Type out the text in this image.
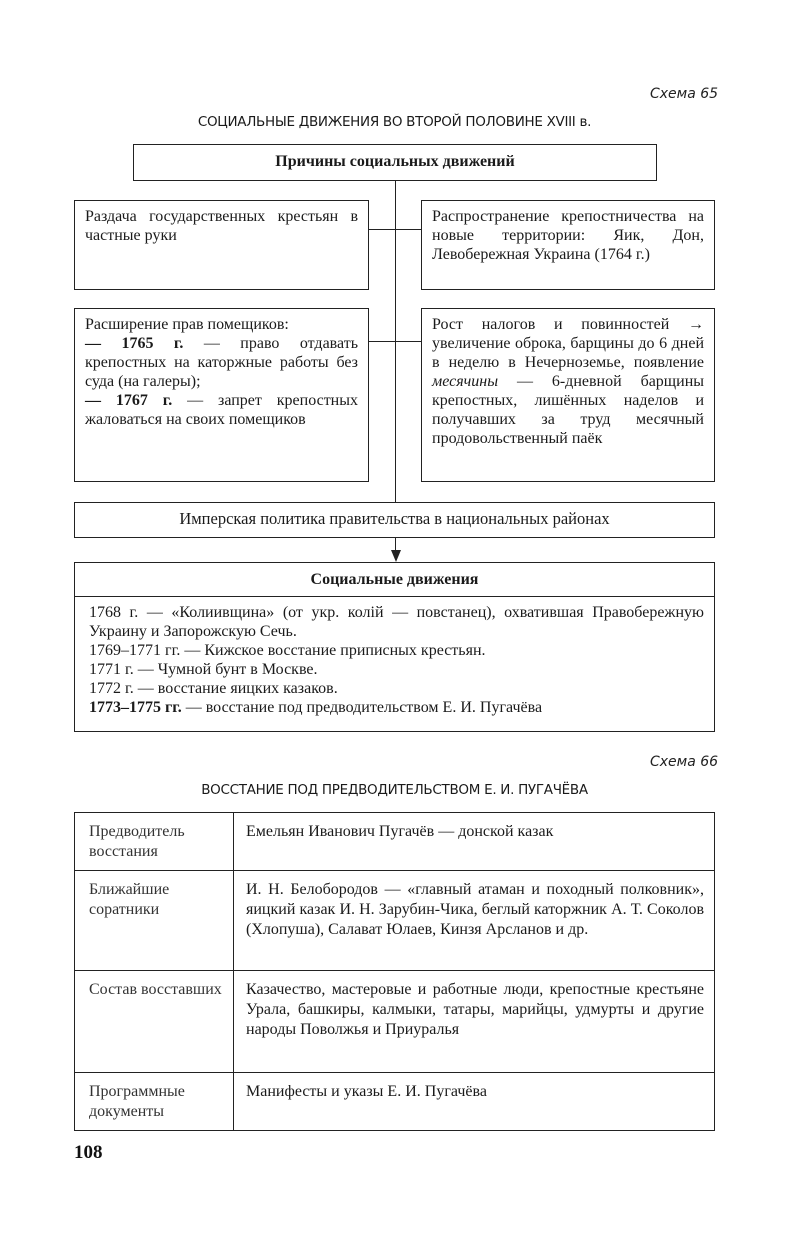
Схема 65
СОЦИАЛЬНЫЕ ДВИЖЕНИЯ ВО ВТОРОЙ ПОЛОВИНЕ XVIII в.
Причины социальных движений
Раздача государственных крестьян в частные руки
Распространение крепостничества на новые территории: Яик, Дон, Левобережная Украина (1764 г.)
Расширение прав помещиков:
— 1765 г. — право отдавать крепостных на каторжные работы без суда (на галеры);
— 1767 г. — запрет крепостных жаловаться на своих помещиков
Рост налогов и повинностей → увеличение оброка, барщины до 6 дней в неделю в Нечерноземье, появление месячины — 6-дневной барщины крепостных, лишённых наделов и получавших за труд месячный продовольственный паёк
Имперская политика правительства в национальных районах
Социальные движения
1768 г. — «Колиивщина» (от укр. колій — повстанец), охватившая Правобережную Украину и Запорожскую Сечь.
1769–1771 гг. — Кижское восстание приписных крестьян.
1771 г. — Чумной бунт в Москве.
1772 г. — восстание яицких казаков.
1773–1775 гг. — восстание под предводительством Е. И. Пугачёва
Схема 66
ВОССТАНИЕ ПОД ПРЕДВОДИТЕЛЬСТВОМ Е. И. ПУГАЧЁВА
Предводитель восстания	Емельян Иванович Пугачёв — донской казак
Ближайшие соратники	И. Н. Белобородов — «главный атаман и походный полковник», яицкий казак И. Н. Зарубин-Чика, беглый каторжник А. Т. Соколов (Хлопуша), Салават Юлаев, Кинзя Арсланов и др.
Состав восставших	Казачество, мастеровые и работные люди, крепостные крестьяне Урала, башкиры, калмыки, татары, марийцы, удмурты и другие народы Поволжья и Приуралья
Программные документы	Манифесты и указы Е. И. Пугачёва
108
